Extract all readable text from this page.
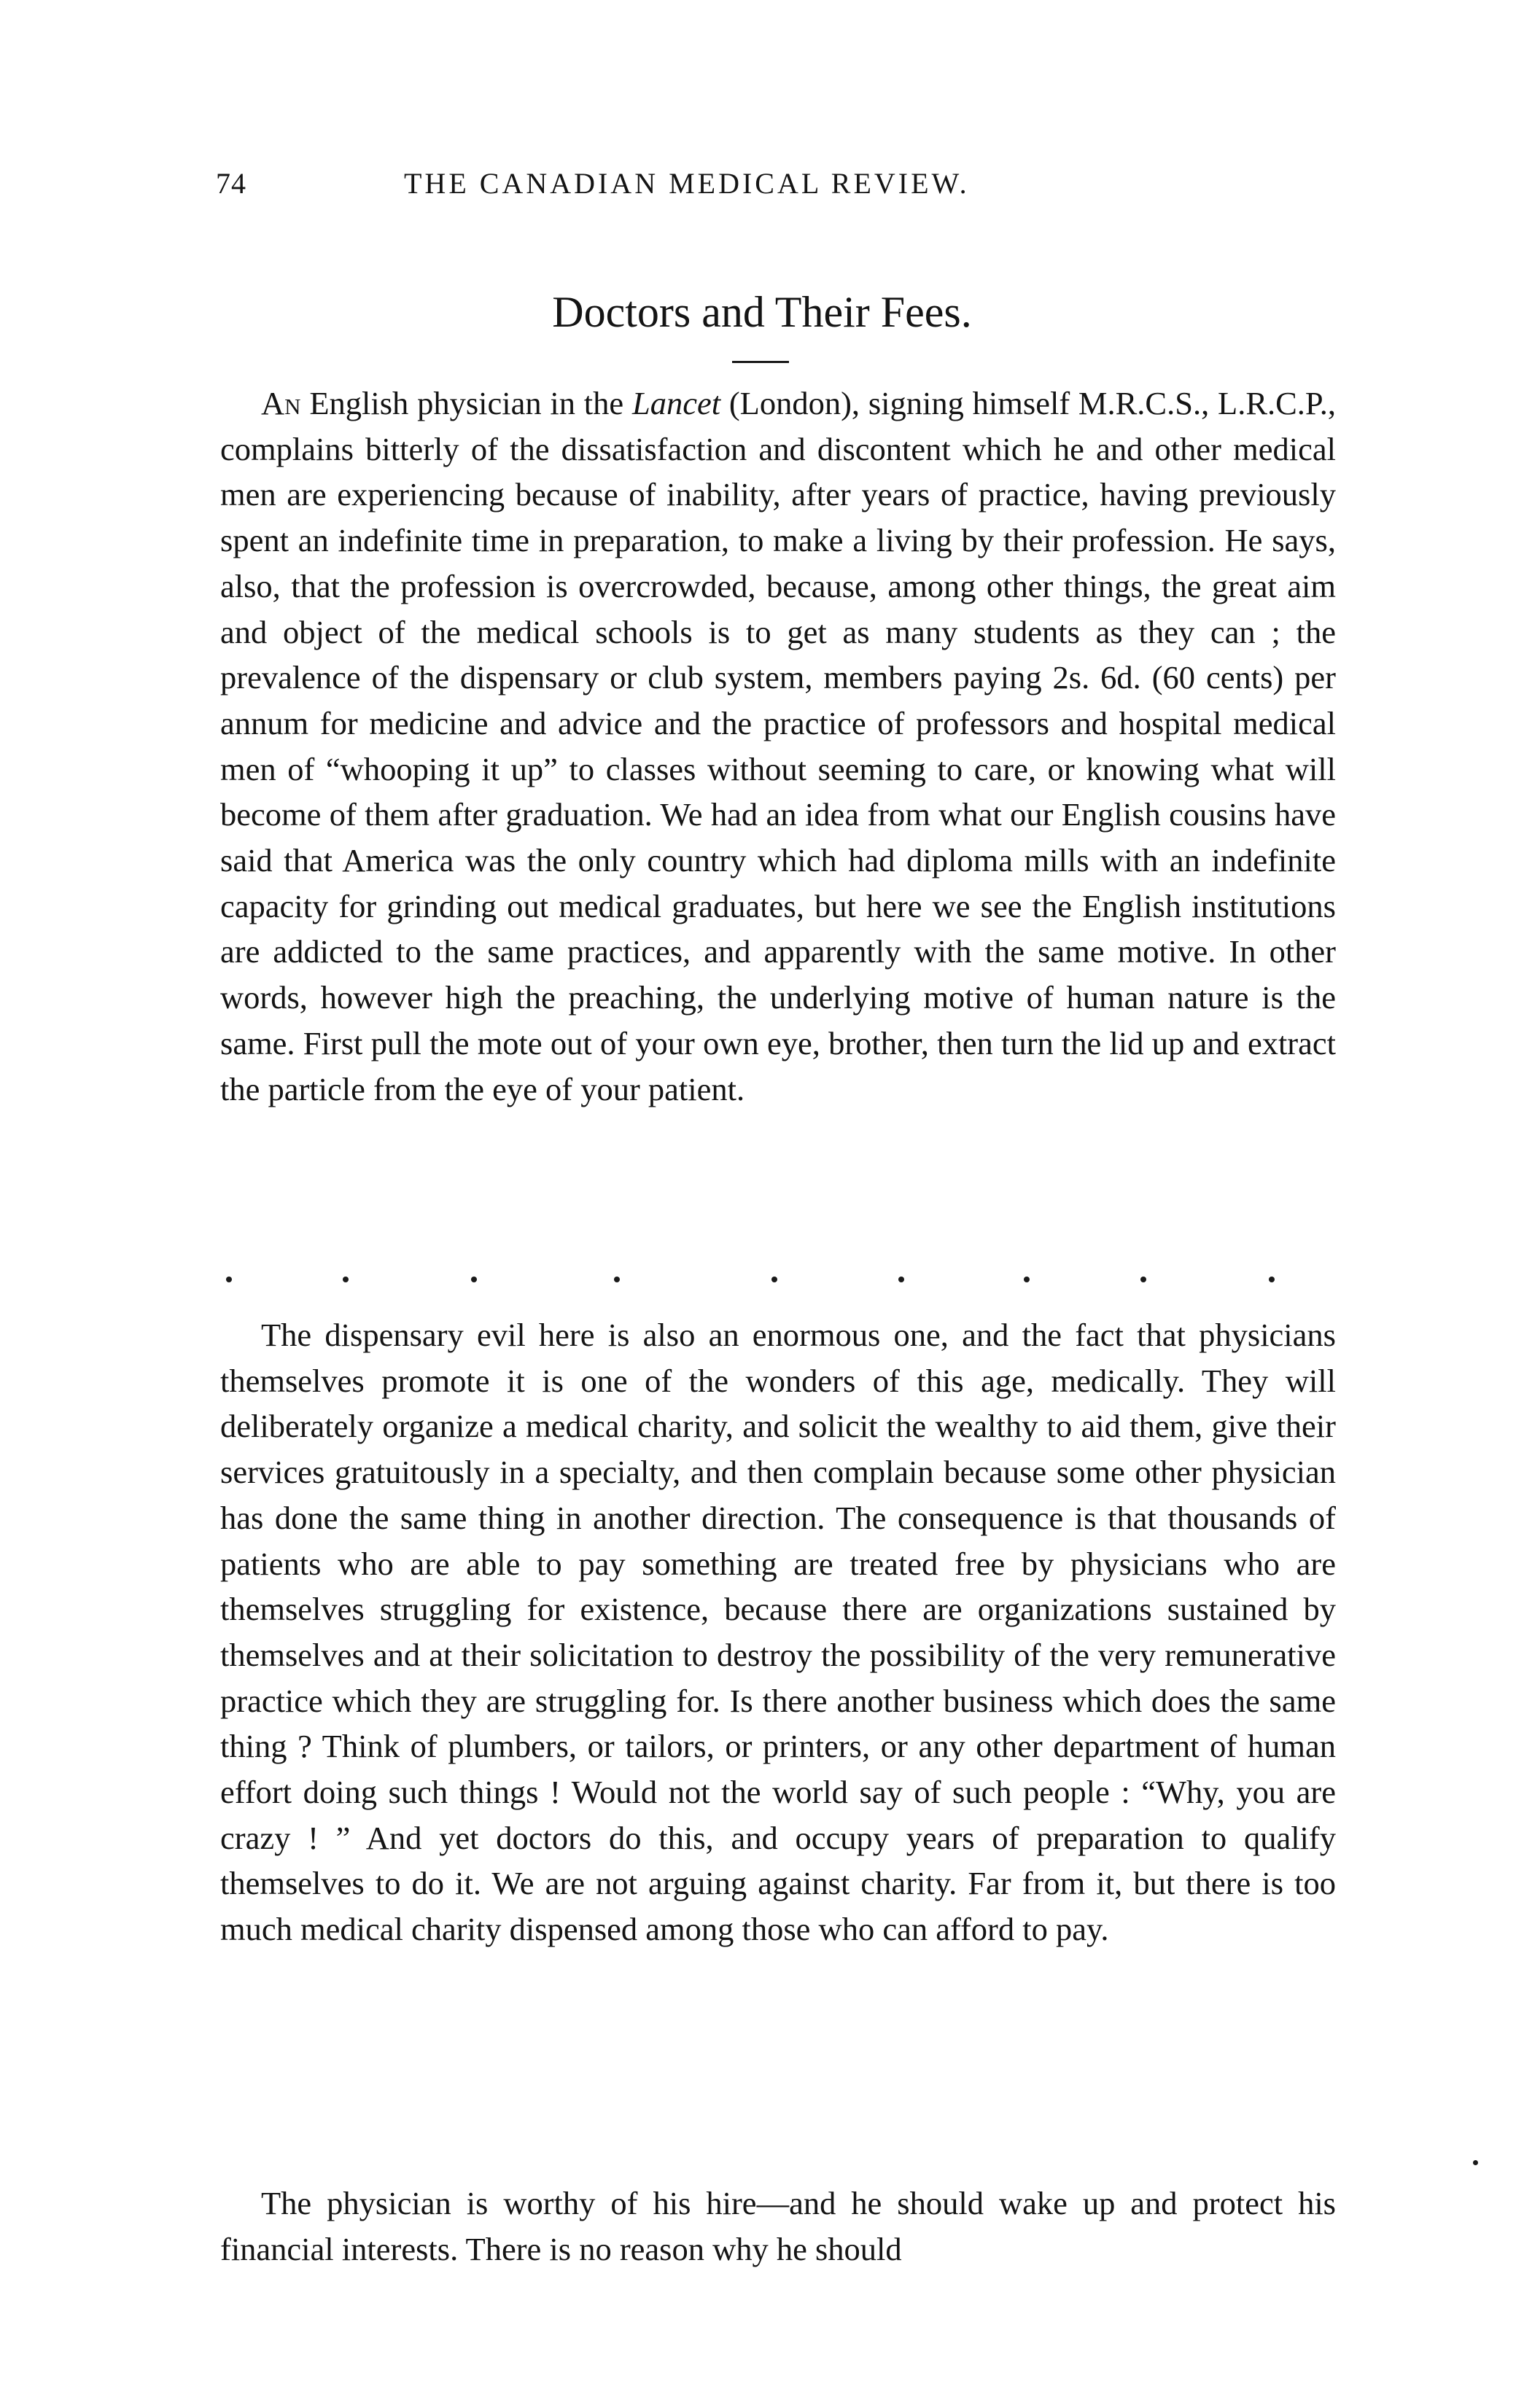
74	THE CANADIAN MEDICAL REVIEW.
Doctors and Their Fees.

An English physician in the Lancet (London), signing himself M.R.C.S., L.R.C.P., complains bitterly of the dissatisfaction and discontent which he and other medical men are experiencing because of inability, after years of practice, having previously spent an indefinite time in preparation, to make a living by their profession. He says, also, that the profession is overcrowded, because, among other things, the great aim and object of the medical schools is to get as many students as they can ; the prevalence of the dispensary or club system, members paying 2s. 6d. (60 cents) per annum for medicine and advice and the practice of professors and hospital medical men of “whooping it up” to classes without seeming to care, or knowing what will become of them after graduation. We had an idea from what our English cousins have said that America was the only country which had diploma mills with an indefinite capacity for grinding out medical graduates, but here we see the English institutions are addicted to the same practices, and apparently with the same motive. In other words, however high the preaching, the underlying motive of human nature is the same. First pull the mote out of your own eye, brother, then turn the lid up and extract the particle from the eye of your patient.

The dispensary evil here is also an enormous one, and the fact that physicians themselves promote it is one of the wonders of this age, medically. They will deliberately organize a medical charity, and solicit the wealthy to aid them, give their services gratuitously in a specialty, and then complain because some other physician has done the same thing in another direction. The consequence is that thousands of patients who are able to pay something are treated free by physicians who are themselves struggling for existence, because there are organizations sustained by themselves and at their solicitation to destroy the possibility of the very remunerative practice which they are struggling for. Is there another business which does the same thing ? Think of plumbers, or tailors, or printers, or any other department of human effort doing such things ! Would not the world say of such people : “Why, you are crazy ! ” And yet doctors do this, and occupy years of preparation to qualify themselves to do it. We are not arguing against charity. Far from it, but there is too much medical charity dispensed among those who can afford to pay.

The physician is worthy of his hire—and he should wake up and protect his financial interests. There is no reason why he should
